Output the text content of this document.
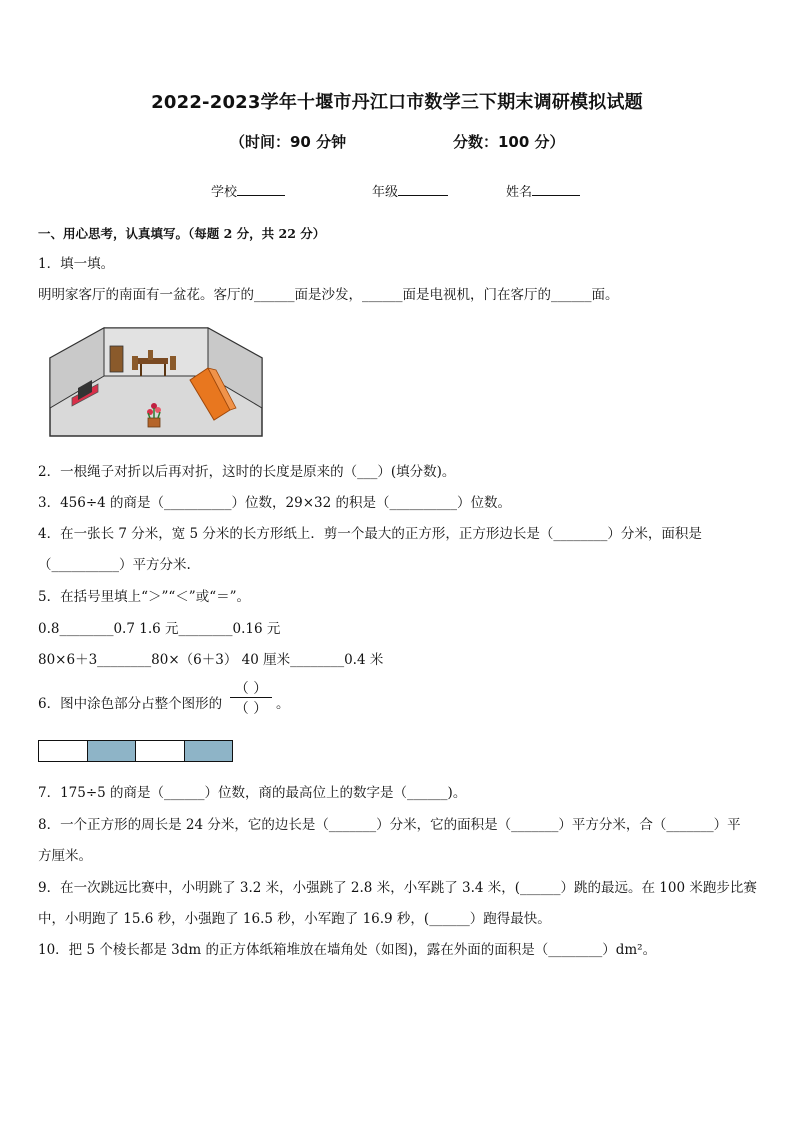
2022-2023学年十堰市丹江口市数学三下期末调研模拟试题
（时间：90 分钟	分数：100 分）
学校	年级	姓名
一、用心思考，认真填写。（每题 2 分，共 22 分）
1．填一填。
明明家客厅的南面有一盆花。客厅的______面是沙发，______面是电视机，门在客厅的______面。
2．一根绳子对折以后再对折，这时的长度是原来的（___）(填分数)。
3．456÷4 的商是（__________）位数，29×32 的积是（__________）位数。
4．在一张长 7 分米，宽 5 分米的长方形纸上．剪一个最大的正方形，正方形边长是（________）分米，面积是
（__________）平方分米.
5．在括号里填上“＞”“＜”或“＝”。
0.8________0.7 1.6 元________0.16 元
80×6＋3________80×（6＋3） 40 厘米________0.4 米
6．图中涂色部分占整个图形的
（ ）
（ ） 。
7．175÷5 的商是（______）位数，商的最高位上的数字是（______)。
8．一个正方形的周长是 24 分米，它的边长是（_______）分米，它的面积是（_______）平方分米，合（_______）平
方厘米。
9．在一次跳远比赛中，小明跳了 3.2 米，小强跳了 2.8 米，小军跳了 3.4 米，(______）跳的最远。在 100 米跑步比赛
中，小明跑了 15.6 秒，小强跑了 16.5 秒，小军跑了 16.9 秒，(______）跑得最快。
10．把 5 个棱长都是 3dm 的正方体纸箱堆放在墙角处（如图)，露在外面的面积是（________）dm²。
